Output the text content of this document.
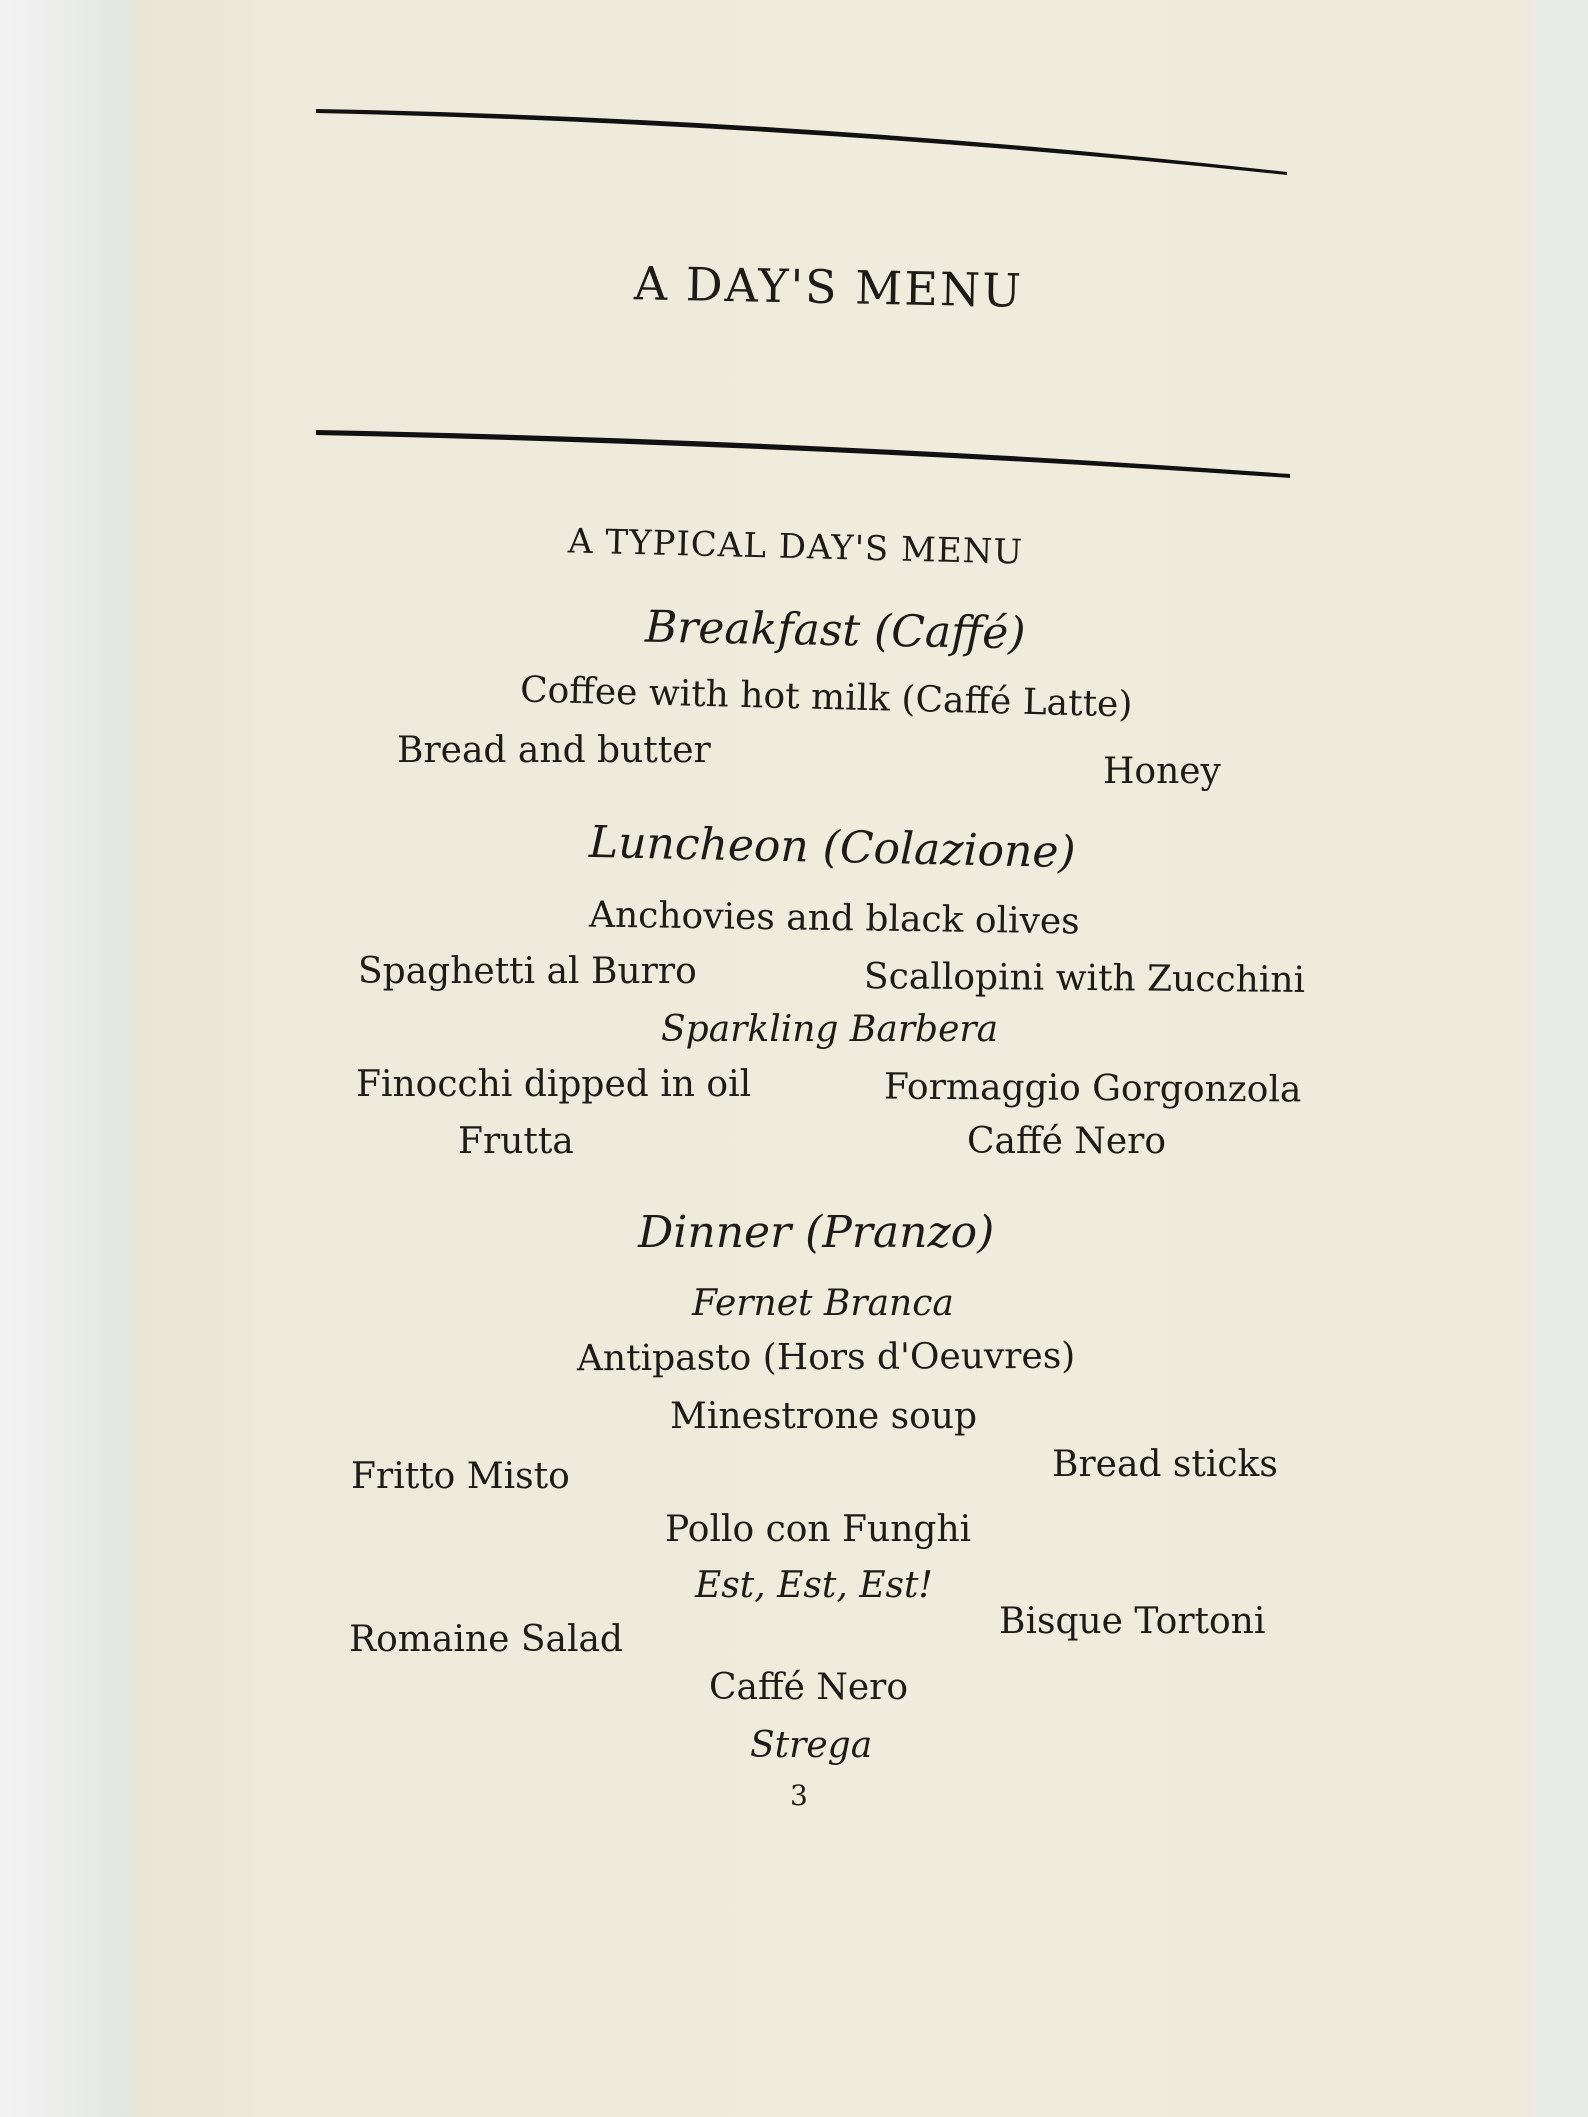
A DAY'S MENU
A TYPICAL DAY'S MENU
Breakfast (Caffé)
Coffee with hot milk (Caffé Latte)
Bread and butter
Honey
Luncheon (Colazione)
Anchovies and black olives
Spaghetti al Burro	Scallopini with Zucchini
Sparkling Barbera
Finocchi dipped in oil	Formaggio Gorgonzola
Frutta	Caffé Nero
Dinner (Pranzo)
Fernet Branca
Antipasto (Hors d'Oeuvres)
Minestrone soup
Fritto Misto	Bread sticks
Pollo con Funghi
Est, Est, Est!
Romaine Salad	Bisque Tortoni
Caffé Nero
Strega
3
